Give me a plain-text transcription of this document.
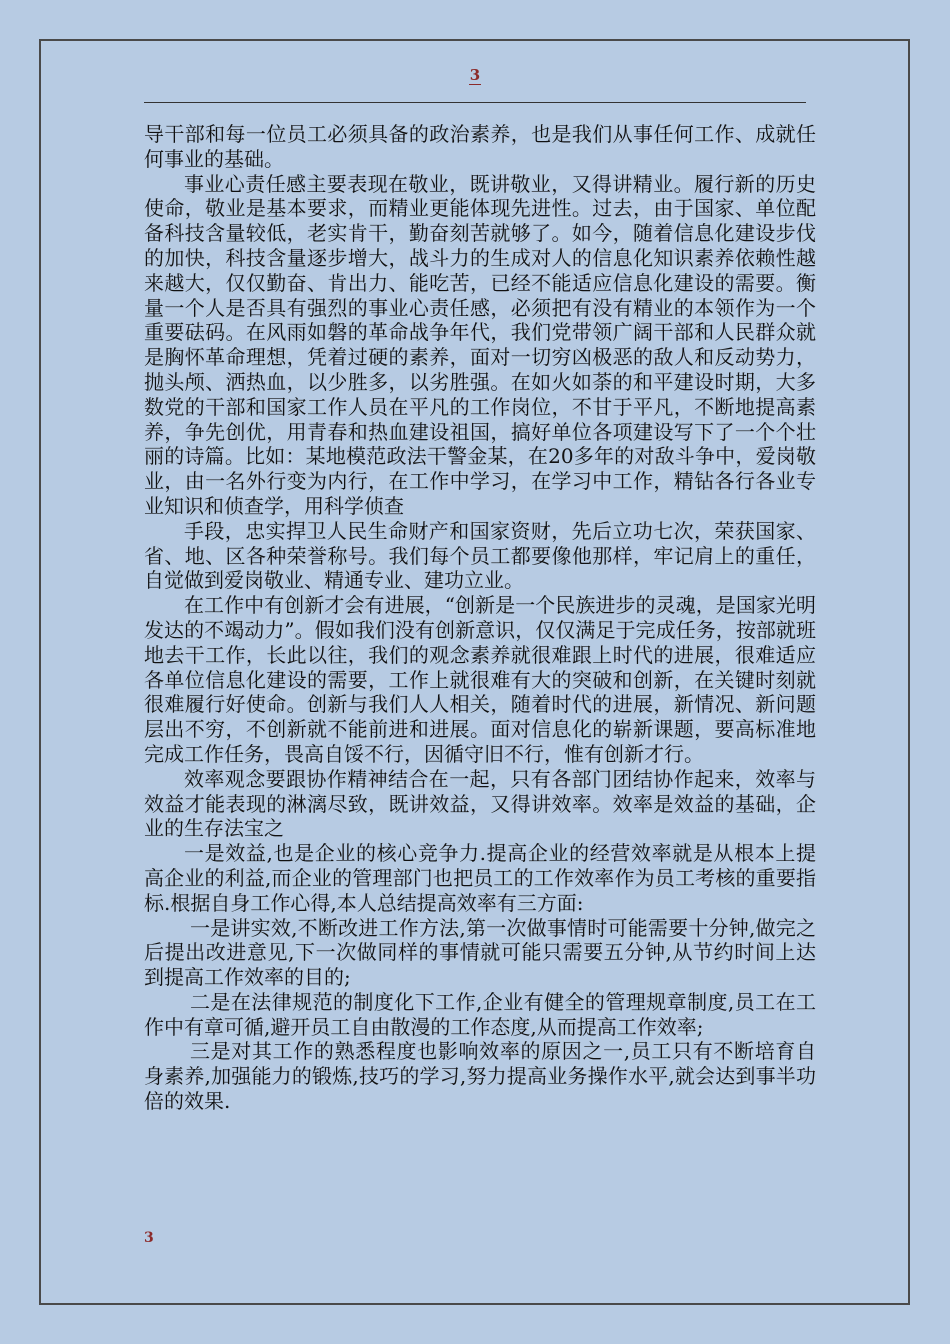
3

导干部和每一位员工必须具备的政治素养，也是我们从事任何工作、成就任何事业的基础。

事业心责任感主要表现在敬业，既讲敬业，又得讲精业。履行新的历史使命，敬业是基本要求，而精业更能体现先进性。过去，由于国家、单位配备科技含量较低，老实肯干，勤奋刻苦就够了。如今，随着信息化建设步伐的加快，科技含量逐步增大，战斗力的生成对人的信息化知识素养依赖性越来越大，仅仅勤奋、肯出力、能吃苦，已经不能适应信息化建设的需要。衡量一个人是否具有强烈的事业心责任感，必须把有没有精业的本领作为一个重要砝码。在风雨如磐的革命战争年代，我们党带领广阔干部和人民群众就是胸怀革命理想，凭着过硬的素养，面对一切穷凶极恶的敌人和反动势力，抛头颅、洒热血，以少胜多，以劣胜强。在如火如荼的和平建设时期，大多数党的干部和国家工作人员在平凡的工作岗位，不甘于平凡，不断地提高素养，争先创优，用青春和热血建设祖国，搞好单位各项建设写下了一个个壮丽的诗篇。比如：某地模范政法干警金某，在20多年的对敌斗争中，爱岗敬业，由一名外行变为内行，在工作中学习，在学习中工作，精钻各行各业专业知识和侦查学，用科学侦查

手段，忠实捍卫人民生命财产和国家资财，先后立功七次，荣获国家、省、地、区各种荣誉称号。我们每个员工都要像他那样，牢记肩上的重任，自觉做到爱岗敬业、精通专业、建功立业。

在工作中有创新才会有进展，“创新是一个民族进步的灵魂，是国家光明发达的不竭动力”。假如我们没有创新意识，仅仅满足于完成任务，按部就班地去干工作，长此以往，我们的观念素养就很难跟上时代的进展，很难适应各单位信息化建设的需要，工作上就很难有大的突破和创新，在关键时刻就很难履行好使命。创新与我们人人相关，随着时代的进展，新情况、新问题层出不穷，不创新就不能前进和进展。面对信息化的崭新课题，要高标准地完成工作任务，畏高自馁不行，因循守旧不行，惟有创新才行。

效率观念要跟协作精神结合在一起，只有各部门团结协作起来，效率与效益才能表现的淋漓尽致，既讲效益，又得讲效率。效率是效益的基础，企业的生存法宝之

一是效益,也是企业的核心竞争力.提高企业的经营效率就是从根本上提高企业的利益,而企业的管理部门也把员工的工作效率作为员工考核的重要指标.根据自身工作心得,本人总结提高效率有三方面:

一是讲实效,不断改进工作方法,第一次做事情时可能需要十分钟,做完之后提出改进意见,下一次做同样的事情就可能只需要五分钟,从节约时间上达到提高工作效率的目的;

二是在法律规范的制度化下工作,企业有健全的管理规章制度,员工在工作中有章可循,避开员工自由散漫的工作态度,从而提高工作效率;

三是对其工作的熟悉程度也影响效率的原因之一,员工只有不断培育自身素养,加强能力的锻炼,技巧的学习,努力提高业务操作水平,就会达到事半功倍的效果.

3
